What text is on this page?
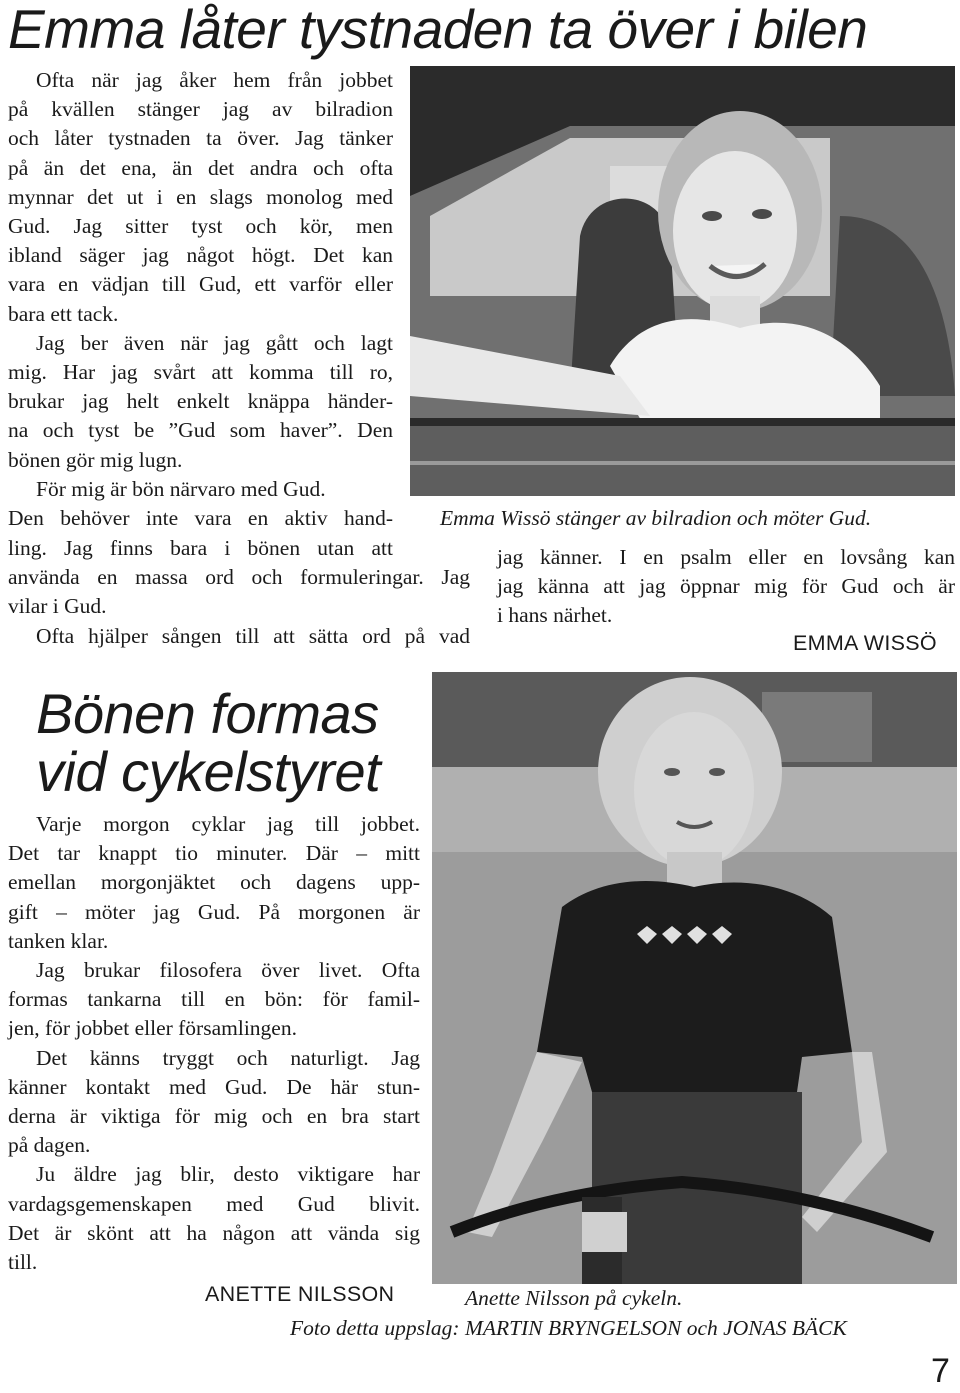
Emma låter tystnaden ta över i bilen
Ofta när jag åker hem från jobbet
på kvällen stänger jag av bilradion
och låter tystnaden ta över. Jag tänker
på än det ena, än det andra och ofta
mynnar det ut i en slags monolog med
Gud. Jag sitter tyst och kör, men
ibland säger jag något högt. Det kan
vara en vädjan till Gud, ett varför eller
bara ett tack.
Jag ber även när jag gått och lagt
mig. Har jag svårt att komma till ro,
brukar jag helt enkelt knäppa händer-
na och tyst be ”Gud som haver”. Den
bönen gör mig lugn.
För mig är bön närvaro med Gud.
Den behöver inte vara en aktiv hand-
ling. Jag finns bara i bönen utan att
använda en massa ord och formuleringar. Jag
vilar i Gud.
Ofta hjälper sången till att sätta ord på vad

Emma Wissö stänger av bilradion och möter Gud.

jag känner. I en psalm eller en lovsång kan
jag känna att jag öppnar mig för Gud och är
i hans närhet.
EMMA WISSÖ
Bönen formas
vid cykelstyret
Varje morgon cyklar jag till jobbet.
Det tar knappt tio minuter. Där – mitt
emellan morgonjäktet och dagens upp-
gift – möter jag Gud. På morgonen är
tanken klar.
Jag brukar filosofera över livet. Ofta
formas tankarna till en bön: för famil-
jen, för jobbet eller församlingen.
Det känns tryggt och naturligt. Jag
känner kontakt med Gud. De här stun-
derna är viktiga för mig och en bra start
på dagen.
Ju äldre jag blir, desto viktigare har
vardagsgemenskapen med Gud blivit.
Det är skönt att ha någon att vända sig
till.
ANETTE NILSSON	Anette Nilsson på cykeln.

Foto detta uppslag: MARTIN BRYNGELSON och JONAS BÄCK

7
